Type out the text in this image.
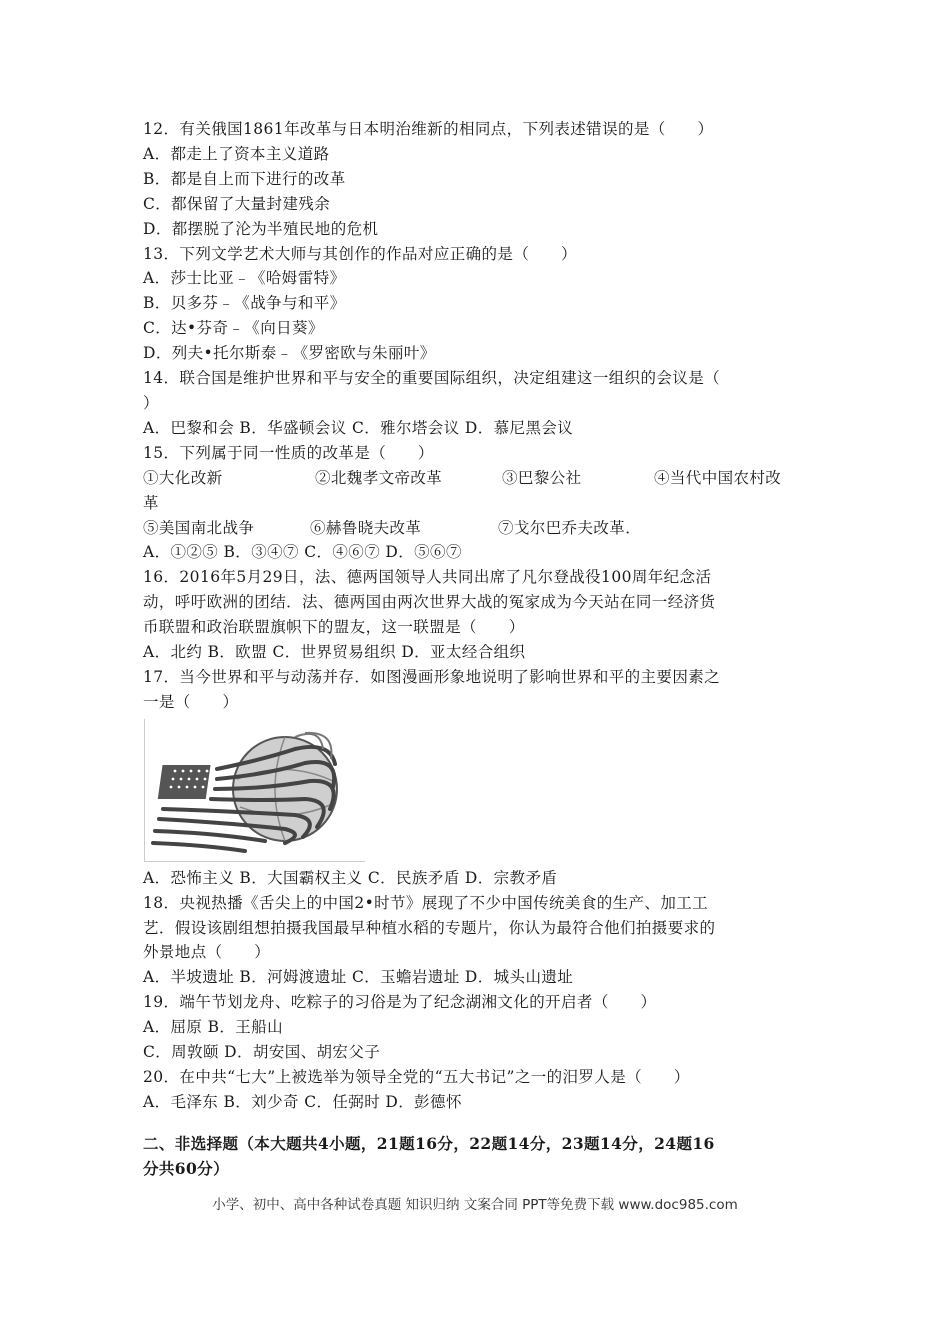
12．有关俄国1861年改革与日本明治维新的相同点，下列表述错误的是（　　）
A．都走上了资本主义道路
B．都是自上而下进行的改革
C．都保留了大量封建残余
D．都摆脱了沦为半殖民地的危机
13．下列文学艺术大师与其创作的作品对应正确的是（　　）
A．莎士比亚﹣《哈姆雷特》
B．贝多芬﹣《战争与和平》
C．达•芬奇﹣《向日葵》
D．列夫•托尔斯泰﹣《罗密欧与朱丽叶》
14．联合国是维护世界和平与安全的重要国际组织，决定组建这一组织的会议是（
）
A．巴黎和会 B．华盛顿会议 C．雅尔塔会议 D．慕尼黑会议
15．下列属于同一性质的改革是（　　）
①大化改新	②北魏孝文帝改革	③巴黎公社	④当代中国农村改
革
⑤美国南北战争	⑥赫鲁晓夫改革	⑦戈尔巴乔夫改革．
A．①②⑤ B．③④⑦ C．④⑥⑦ D．⑤⑥⑦
16．2016年5月29日，法、德两国领导人共同出席了凡尔登战役100周年纪念活
动，呼吁欧洲的团结．法、德两国由两次世界大战的冤家成为今天站在同一经济货
币联盟和政治联盟旗帜下的盟友，这一联盟是（　　）
A．北约 B．欧盟 C．世界贸易组织 D．亚太经合组织
17．当今世界和平与动荡并存．如图漫画形象地说明了影响世界和平的主要因素之
一是（　　）
A．恐怖主义 B．大国霸权主义 C．民族矛盾 D．宗教矛盾
18．央视热播《舌尖上的中国2•时节》展现了不少中国传统美食的生产、加工工
艺．假设该剧组想拍摄我国最早种植水稻的专题片，你认为最符合他们拍摄要求的
外景地点（　　）
A．半坡遗址 B．河姆渡遗址 C．玉蟾岩遗址 D．城头山遗址
19．端午节划龙舟、吃粽子的习俗是为了纪念湖湘文化的开启者（　　）
A．屈原 B．王船山
C．周敦颐 D．胡安国、胡宏父子
20．在中共“七大”上被选举为领导全党的“五大书记”之一的汨罗人是（　　）
A．毛泽东 B．刘少奇 C．任弼时 D．彭德怀
二、非选择题（本大题共4小题，21题16分，22题14分，23题14分，24题16
分共60分）
小学、初中、高中各种试卷真题 知识归纳 文案合同 PPT等免费下载 www.doc985.com
